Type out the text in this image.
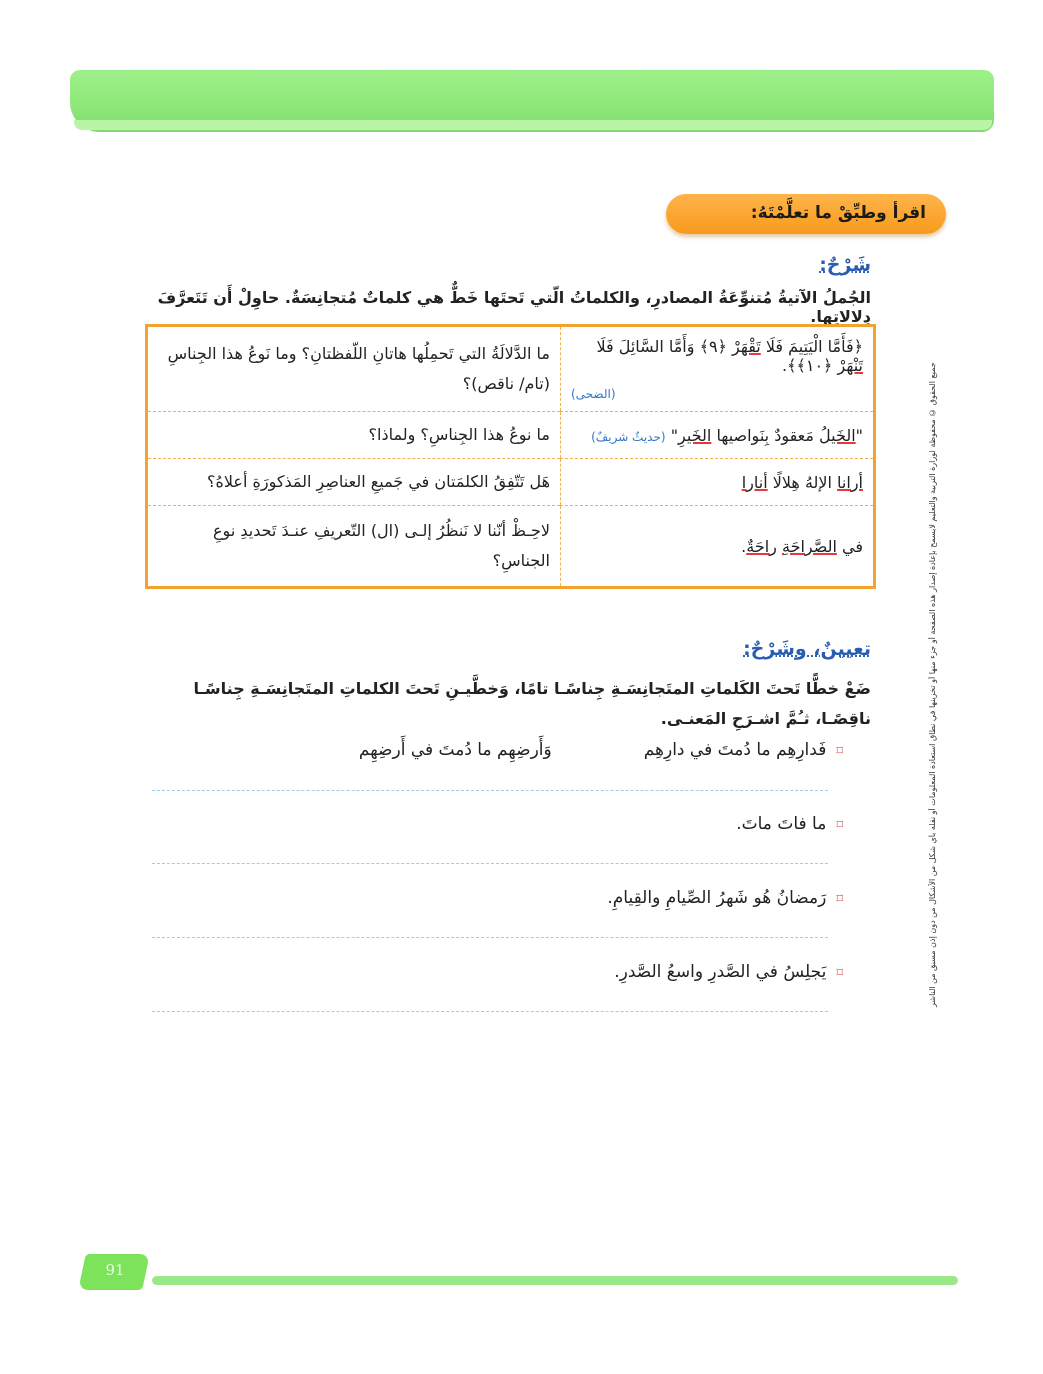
اقرأ وطبِّقْ ما تعلَّمْتَهُ:
شَرْحٌ:
الجُملُ الآتيةُ مُتنوِّعَةُ المصادرِ، والكلماتُ الّتي تَحتَها خَطٌّ هي كلماتٌ مُتجانِسَةٌ. حاوِلْ أَن تَتَعرَّفَ دِلالاتِها.
﴿فَأَمَّا الْيَتِيمَ فَلَا تَقْهَرْ ﴿٩﴾ وَأَمَّا السَّائِلَ فَلَا تَنْهَرْ ﴿١٠﴾﴾.
(الضحى)	ما الدَّلالَةُ التي تَحمِلُها هاتانِ اللّفظتانِ؟ وما نَوعُ هذا الجِناسِ (تام/ ناقص)؟
"الخَيلُ مَعقودٌ بِنَواصيها الخَيرِ" (حديثٌ شريفٌ)	ما نوعُ هذا الجِناسِ؟ ولماذا؟
أرانا الإلهُ هِلالًا أنارا	هَل تَتّفِقُ الكلمَتان في جَميعِ العناصِرِ المَذكورَةِ أعلاهُ؟
في الصَّراحَةِ راحَةٌ.	لاحِـظْ أنّنا لا نَنظُرُ إلـى (ال) التّعريفِ عنـدَ تَحديدِ نوعِ الجناسِ؟
تعيينٌ، وشَرْحٌ:
ضَعْ خطًّا تَحتَ الكَلماتِ المتَجانِسَـةِ جِناسًـا تامًا، وَخطَّيـنِ تَحتَ الكلماتِ المتَجانِسَـةِ جِناسًـا ناقِصًـا، ثـُمَّ اشـرَحِ المَعنـى.
⌑فَدارِهِم ما دُمتَ في دارِهِموَأَرضِهِم ما دُمتَ في أَرضِهِم
⌑ما فاتَ ماتَ.
⌑رَمضانُ هُو شَهرُ الصِّيامِ والقِيامِ.
⌑يَجلِسُ في الصَّدرِ واسعُ الصَّدرِ.	جميع الحقوق © محفوظة لوزارة التربية والتعليم لايسمح بإعادة إصدار هذه الصفحة أو جزء منها أو تخزينها في نطاق استعادة المعلومات أو نقله بأي شكل من الأشكال من دون إذن مسبق من الناشر
91
